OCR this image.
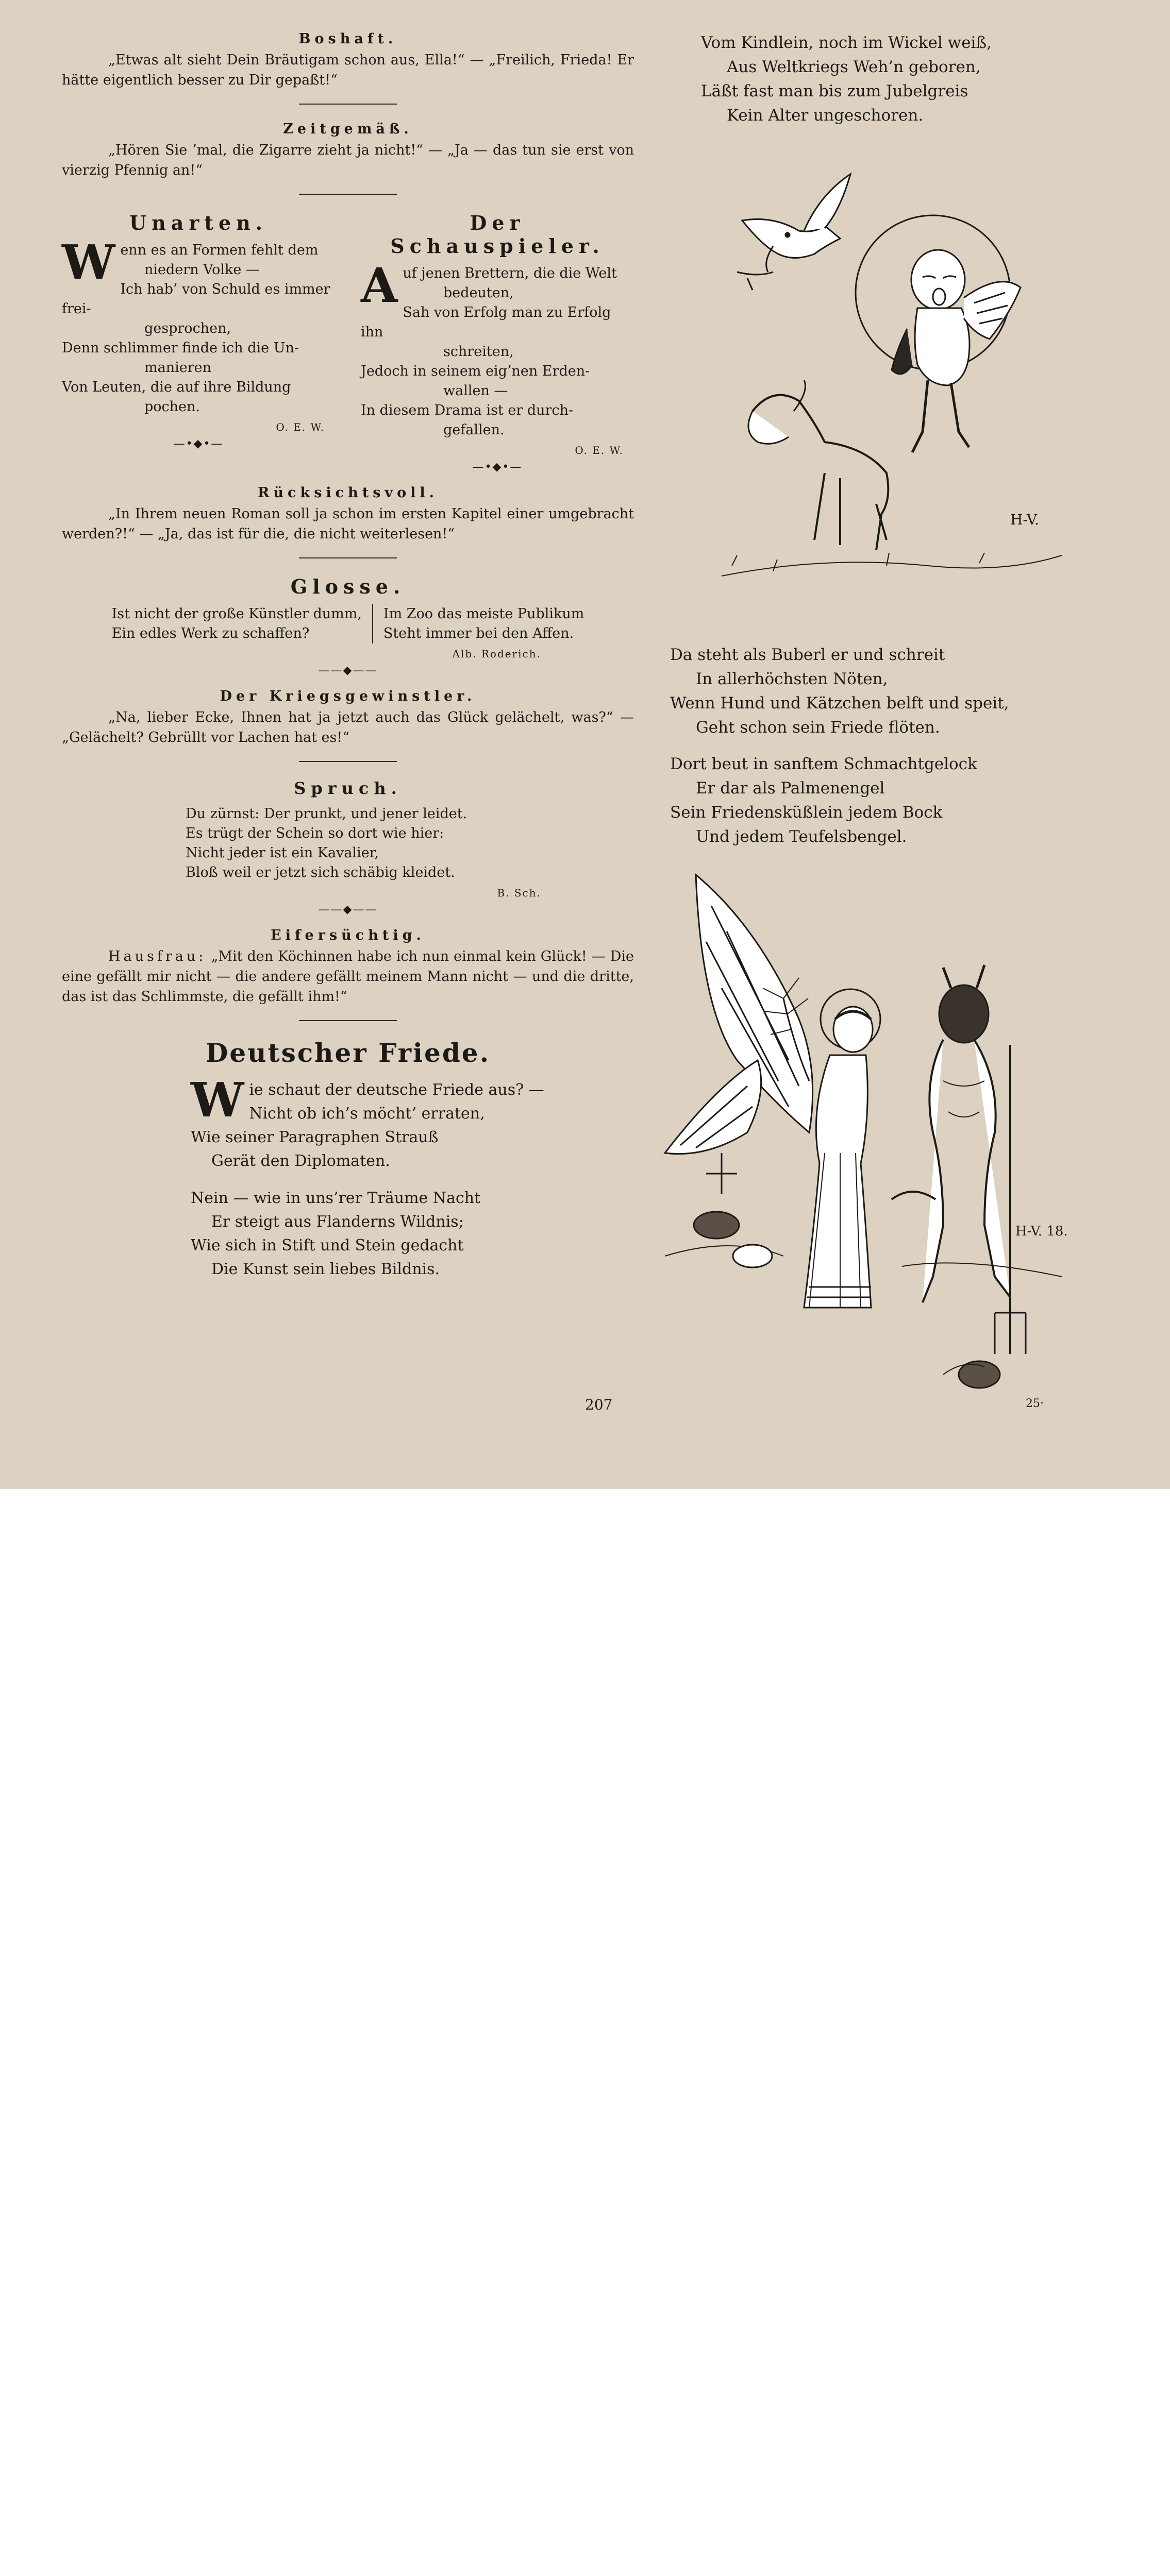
Boshaft.

„Etwas alt sieht Dein Bräutigam schon aus, Ella!“ — „Freilich, Frieda! Er hätte eigentlich besser zu Dir gepaßt!“

Zeitgemäß.

„Hören Sie ’mal, die Zigarre zieht ja nicht!“ — „Ja — das tun sie erst von vierzig Pfennig an!“

Unarten.

W enn es an Formen fehlt dem

niedern Volke —

Ich hab’ von Schuld es immer frei-

gesprochen,

Denn schlimmer finde ich die Un-

manieren

Von Leuten, die auf ihre Bildung

pochen.

O. E. W.

—•◆•—

Der Schauspieler.

A uf jenen Brettern, die die Welt

bedeuten,

Sah von Erfolg man zu Erfolg ihn

schreiten,

Jedoch in seinem eig’nen Erden-

wallen —

In diesem Drama ist er durch-

gefallen.

O. E. W.

—•◆•—

Rücksichtsvoll.

„In Ihrem neuen Roman soll ja schon im ersten Kapitel einer umgebracht werden?!“ — „Ja, das ist für die, die nicht weiterlesen!“

Glosse.

Ist nicht der große Künstler dumm,

Ein edles Werk zu schaffen?

Im Zoo das meiste Publikum

Steht immer bei den Affen.

Alb. Roderich.

——◆——

Der Kriegsgewinstler.

„Na, lieber Ecke, Ihnen hat ja jetzt auch das Glück gelächelt, was?“ — „Gelächelt? Gebrüllt vor Lachen hat es!“

Spruch.

Du zürnst: Der prunkt, und jener leidet.

Es trügt der Schein so dort wie hier:

Nicht jeder ist ein Kavalier,

Bloß weil er jetzt sich schäbig kleidet.

B. Sch.

——◆——

Eifersüchtig.

Hausfrau: „Mit den Köchinnen habe ich nun einmal kein Glück! — Die eine gefällt mir nicht — die andere gefällt meinem Mann nicht — und die dritte, das ist das Schlimmste, die gefällt ihm!“

Deutscher Friede.

W ie schaut der deutsche Friede aus? —

Nicht ob ich’s möcht’ erraten,

Wie seiner Paragraphen Strauß

Gerät den Diplomaten.

Nein — wie in uns’rer Träume Nacht

Er steigt aus Flanderns Wildnis;

Wie sich in Stift und Stein gedacht

Die Kunst sein liebes Bildnis.

Vom Kindlein, noch im Wickel weiß,

Aus Weltkriegs Weh’n geboren,

Läßt fast man bis zum Jubelgreis

Kein Alter ungeschoren.

H-V.

Da steht als Buberl er und schreit

In allerhöchsten Nöten,

Wenn Hund und Kätzchen belft und speit,

Geht schon sein Friede flöten.

Dort beut in sanftem Schmachtgelock

Er dar als Palmenengel

Sein Friedensküßlein jedem Bock

Und jedem Teufelsbengel.

H-V. 18.
207	25·
